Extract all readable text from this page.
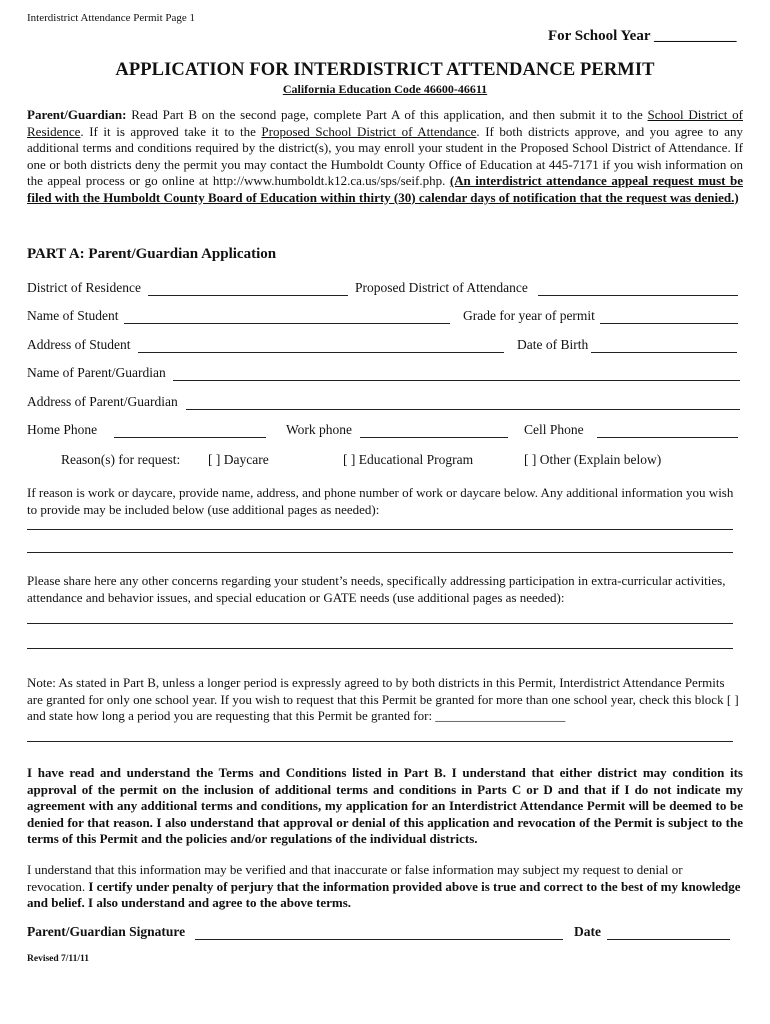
Interdistrict Attendance Permit Page 1
For School Year ___________
APPLICATION FOR INTERDISTRICT ATTENDANCE PERMIT
California Education Code 46600-46611
Parent/Guardian: Read Part B on the second page, complete Part A of this application, and then submit it to the School District of Residence. If it is approved take it to the Proposed School District of Attendance. If both districts approve, and you agree to any additional terms and conditions required by the district(s), you may enroll your student in the Proposed School District of Attendance. If one or both districts deny the permit you may contact the Humboldt County Office of Education at 445-7171 if you wish information on the appeal process or go online at http://www.humboldt.k12.ca.us/sps/seif.php. (An interdistrict attendance appeal request must be filed with the Humboldt County Board of Education within thirty (30) calendar days of notification that the request was denied.)
PART A: Parent/Guardian Application
District of Residence	Proposed District of Attendance
Name of Student	Grade for year of permit
Address of Student	Date of Birth
Name of Parent/Guardian
Address of Parent/Guardian
Home Phone	Work phone	Cell Phone
Reason(s) for request: [ ] Daycare	[ ] Educational Program	[ ] Other (Explain below)
If reason is work or daycare, provide name, address, and phone number of work or daycare below. Any additional information you wish to provide may be included below (use additional pages as needed):
Please share here any other concerns regarding your student’s needs, specifically addressing participation in extra-curricular activities, attendance and behavior issues, and special education or GATE needs (use additional pages as needed):
Note: As stated in Part B, unless a longer period is expressly agreed to by both districts in this Permit, Interdistrict Attendance Permits are granted for only one school year. If you wish to request that this Permit be granted for more than one school year, check this block [ ] and state how long a period you are requesting that this Permit be granted for: ____________________
I have read and understand the Terms and Conditions listed in Part B. I understand that either district may condition its approval of the permit on the inclusion of additional terms and conditions in Parts C or D and that if I do not indicate my agreement with any additional terms and conditions, my application for an Interdistrict Attendance Permit will be deemed to be denied for that reason. I also understand that approval or denial of this application and revocation of the Permit is subject to the terms of this Permit and the policies and/or regulations of the individual districts.
I understand that this information may be verified and that inaccurate or false information may subject my request to denial or revocation. I certify under penalty of perjury that the information provided above is true and correct to the best of my knowledge and belief. I also understand and agree to the above terms.
Parent/Guardian Signature	Date
Revised 7/11/11
